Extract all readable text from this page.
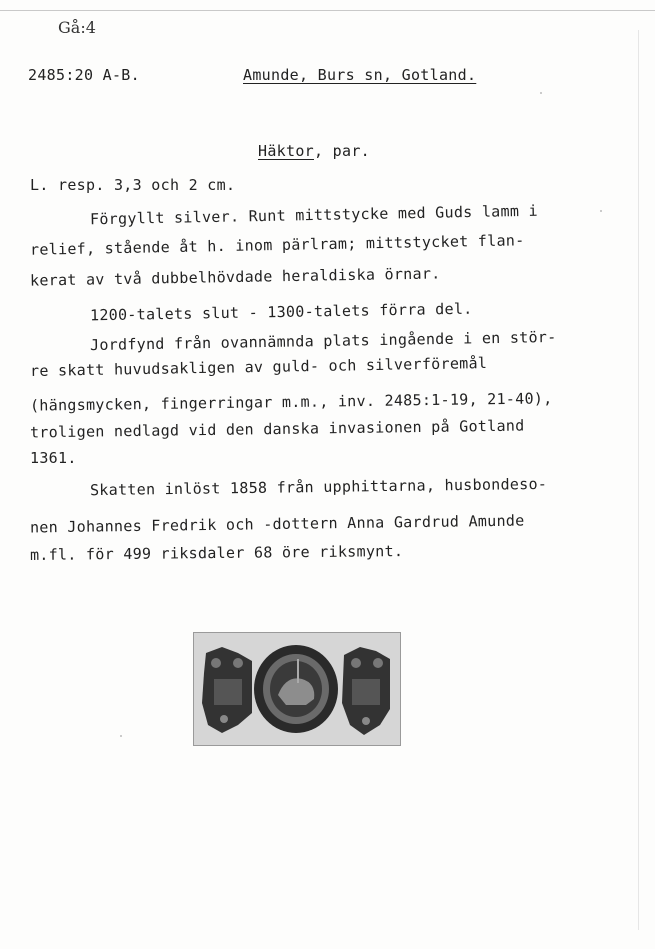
Gå:4
2485:20 A-B.	Amunde, Burs sn, Gotland.
Häktor, par.
L. resp. 3,3 och 2 cm.
Förgyllt silver. Runt mittstycke med Guds lamm i
relief, stående åt h. inom pärlram; mittstycket flan-
kerat av två dubbelhövdade heraldiska örnar.
1200-talets slut - 1300-talets förra del.
Jordfynd från ovannämnda plats ingående i en stör-
re skatt huvudsakligen av guld- och silverföremål
(hängsmycken, fingerringar m.m., inv. 2485:1-19, 21-40),
troligen nedlagd vid den danska invasionen på Gotland
1361.
Skatten inlöst 1858 från upphittarna, husbondeso-
nen Johannes Fredrik och -dottern Anna Gardrud Amunde
m.fl. för 499 riksdaler 68 öre riksmynt.
